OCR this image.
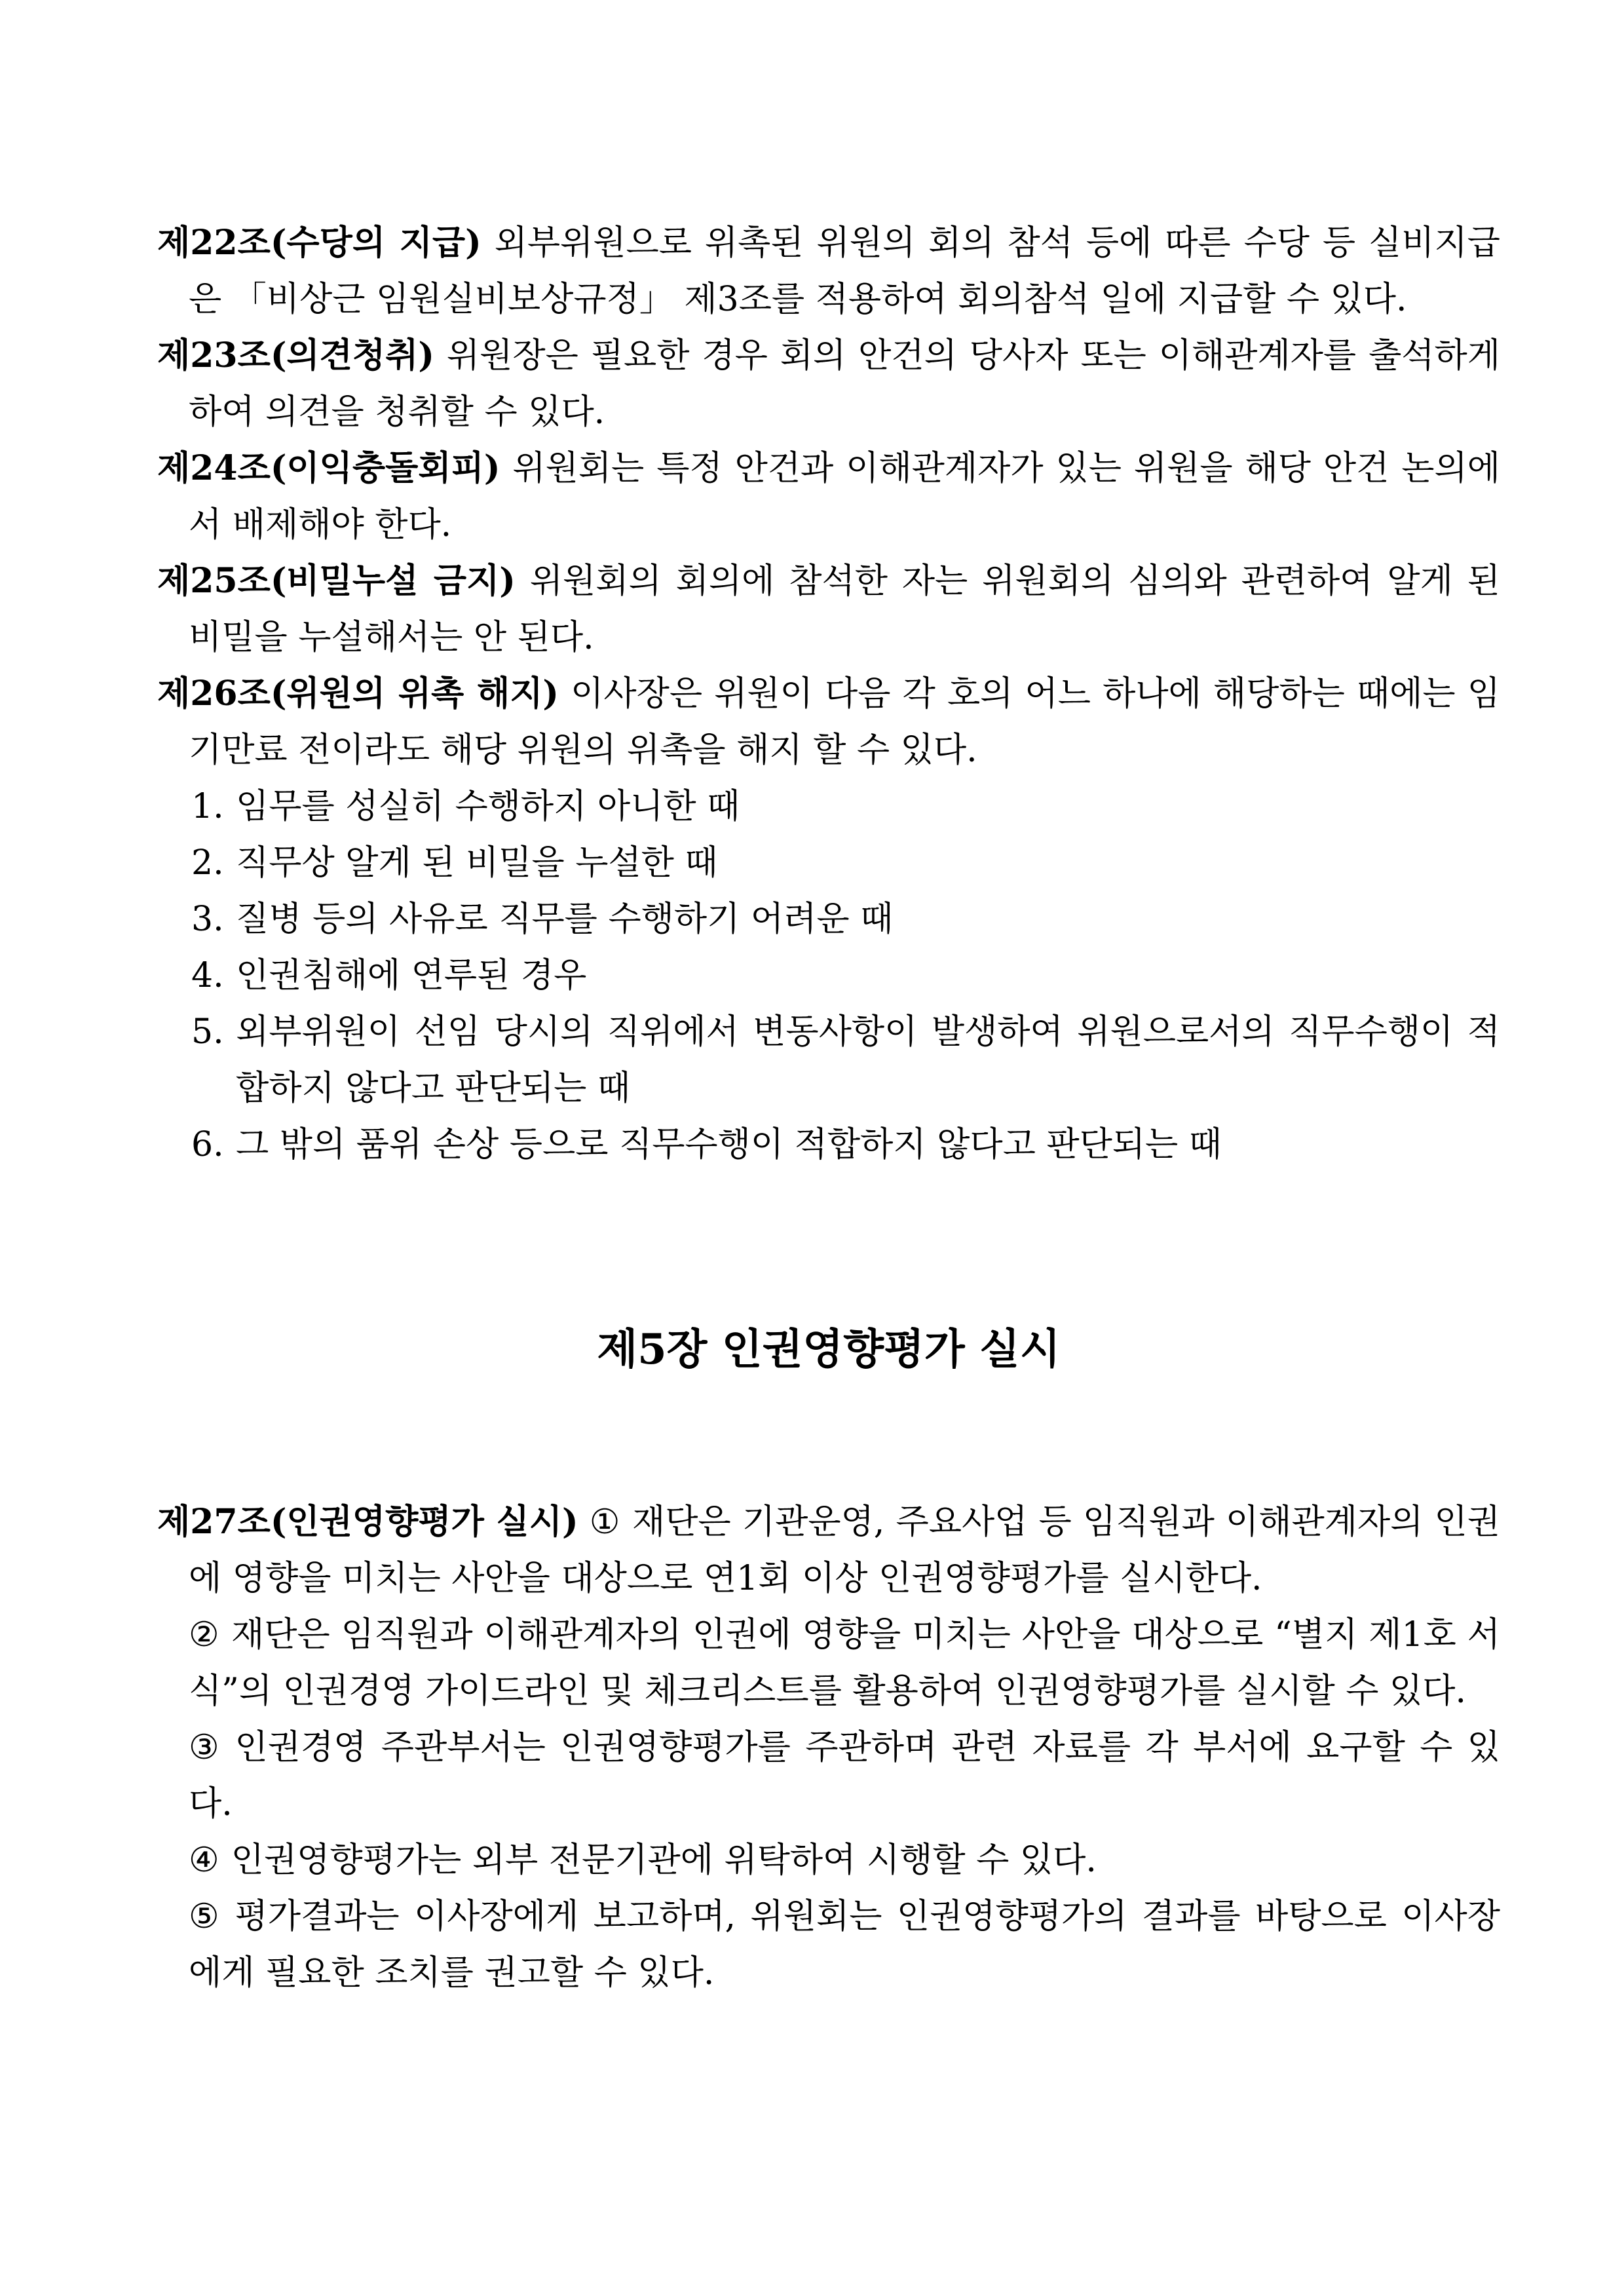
제22조(수당의 지급) 외부위원으로 위촉된 위원의 회의 참석 등에 따른 수당 등 실비지급은 「비상근 임원실비보상규정」 제3조를 적용하여 회의참석 일에 지급할 수 있다.

제23조(의견청취) 위원장은 필요한 경우 회의 안건의 당사자 또는 이해관계자를 출석하게 하여 의견을 청취할 수 있다.

제24조(이익충돌회피) 위원회는 특정 안건과 이해관계자가 있는 위원을 해당 안건 논의에서 배제해야 한다.

제25조(비밀누설 금지) 위원회의 회의에 참석한 자는 위원회의 심의와 관련하여 알게 된 비밀을 누설해서는 안 된다.

제26조(위원의 위촉 해지) 이사장은 위원이 다음 각 호의 어느 하나에 해당하는 때에는 임기만료 전이라도 해당 위원의 위촉을 해지 할 수 있다.

1. 임무를 성실히 수행하지 아니한 때
2. 직무상 알게 된 비밀을 누설한 때
3. 질병 등의 사유로 직무를 수행하기 어려운 때
4. 인권침해에 연루된 경우
5. 외부위원이 선임 당시의 직위에서 변동사항이 발생하여 위원으로서의 직무수행이 적합하지 않다고 판단되는 때
6. 그 밖의 품위 손상 등으로 직무수행이 적합하지 않다고 판단되는 때
제5장 인권영향평가 실시

제27조(인권영향평가 실시) ① 재단은 기관운영, 주요사업 등 임직원과 이해관계자의 인권에 영향을 미치는 사안을 대상으로 연1회 이상 인권영향평가를 실시한다.

② 재단은 임직원과 이해관계자의 인권에 영향을 미치는 사안을 대상으로 “별지 제1호 서식”의 인권경영 가이드라인 및 체크리스트를 활용하여 인권영향평가를 실시할 수 있다.

③ 인권경영 주관부서는 인권영향평가를 주관하며 관련 자료를 각 부서에 요구할 수 있다.

④ 인권영향평가는 외부 전문기관에 위탁하여 시행할 수 있다.

⑤ 평가결과는 이사장에게 보고하며, 위원회는 인권영향평가의 결과를 바탕으로 이사장에게 필요한 조치를 권고할 수 있다.
